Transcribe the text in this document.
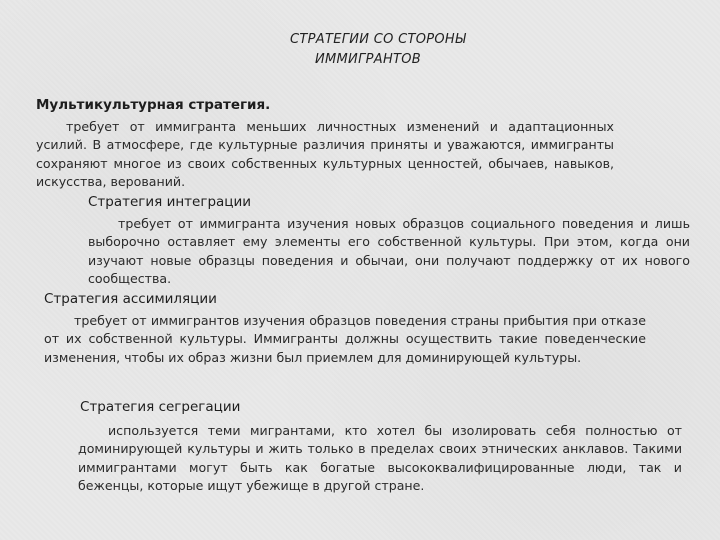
СТРАТЕГИИ СО СТОРОНЫ
ИММИГРАНТОВ
Мультикультурная стратегия.
требует от иммигранта меньших личностных изменений и адаптационных усилий. В атмосфере, где культурные различия приняты и уважаются, иммигранты сохраняют многое из своих собственных культурных ценностей, обычаев, навыков, искусства, верований.
Стратегия интеграции
требует от иммигранта изучения новых образцов социального поведения и лишь выборочно оставляет ему элементы его собственной культуры. При этом, когда они изучают новые образцы поведения и обычаи, они получают поддержку от их нового сообщества.
Стратегия ассимиляции
требует от иммигрантов изучения образцов поведения страны прибытия при отказе от их собственной культуры. Иммигранты должны осуществить такие поведенческие изменения, чтобы их образ жизни был приемлем для доминирующей культуры.
Стратегия сегрегации
используется теми мигрантами, кто хотел бы изолировать себя полностью от доминирующей культуры и жить только в пределах своих этнических анклавов. Такими иммигрантами могут быть как богатые высококвалифицированные люди, так и беженцы, которые ищут убежище в другой стране.
